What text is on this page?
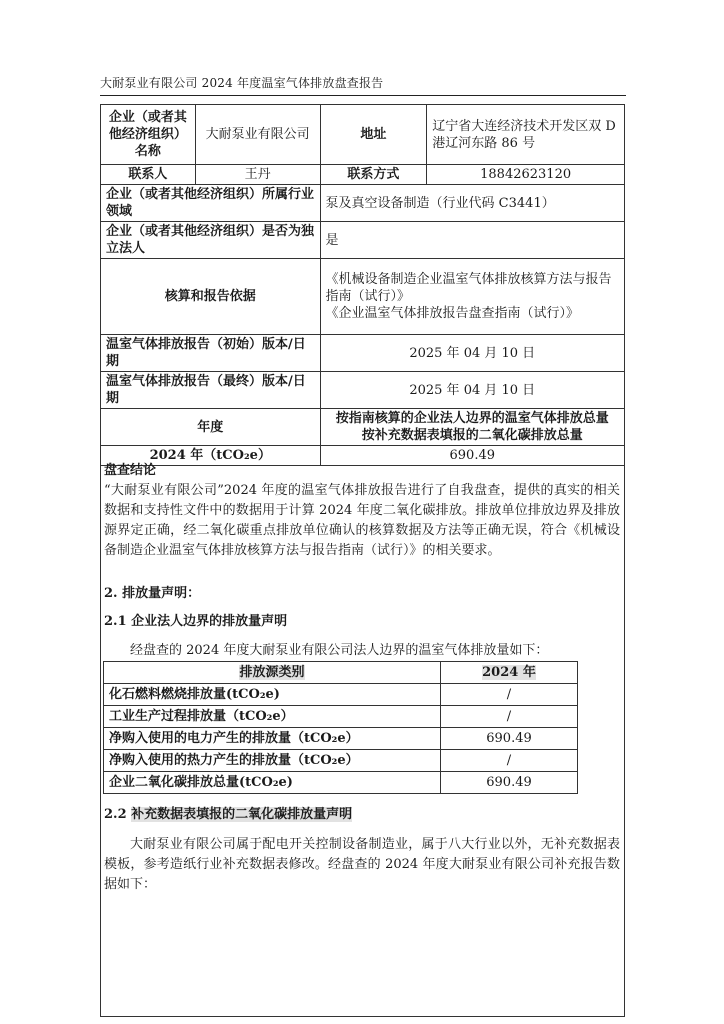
大耐泵业有限公司 2024 年度温室气体排放盘查报告
企业（或者其他经济组织）名称	大耐泵业有限公司	地址	辽宁省大连经济技术开发区双 D 港辽河东路 86 号
联系人	王丹	联系方式	18842623120
企业（或者其他经济组织）所属行业领域		泵及真空设备制造（行业代码 C3441）	
企业（或者其他经济组织）是否为独立法人		是	
核算和报告依据		《机械设备制造企业温室气体排放核算方法与报告指南（试行）》
《企业温室气体排放报告盘查指南（试行）》	

温室气体排放报告（初始）版本/日期		2025 年 04 月 10 日	
温室气体排放报告（最终）版本/日期		2025 年 04 月 10 日	
年度		按指南核算的企业法人边界的温室气体排放总量
按补充数据表填报的二氧化碳排放总量	

2024 年（tCO₂e）		690.49	
盘查结论
“大耐泵业有限公司”2024 年度的温室气体排放报告进行了自我盘查，提供的真实的相关数据和支持性文件中的数据用于计算 2024 年度二氧化碳排放。排放单位排放边界及排放源界定正确，经二氧化碳重点排放单位确认的核算数据及方法等正确无误，符合《机械设备制造企业温室气体排放核算方法与报告指南（试行）》的相关要求。
2. 排放量声明：
2.1 企业法人边界的排放量声明
经盘查的 2024 年度大耐泵业有限公司法人边界的温室气体排放量如下：
排放源类别	2024 年
化石燃料燃烧排放量(tCO₂e)	/
工业生产过程排放量（tCO₂e）	/
净购入使用的电力产生的排放量（tCO₂e）	690.49
净购入使用的热力产生的排放量（tCO₂e）	/
企业二氧化碳排放总量(tCO₂e)	690.49
2.2 补充数据表填报的二氧化碳排放量声明
大耐泵业有限公司属于配电开关控制设备制造业，属于八大行业以外，无补充数据表模板，参考造纸行业补充数据表修改。经盘查的 2024 年度大耐泵业有限公司补充报告数据如下：
